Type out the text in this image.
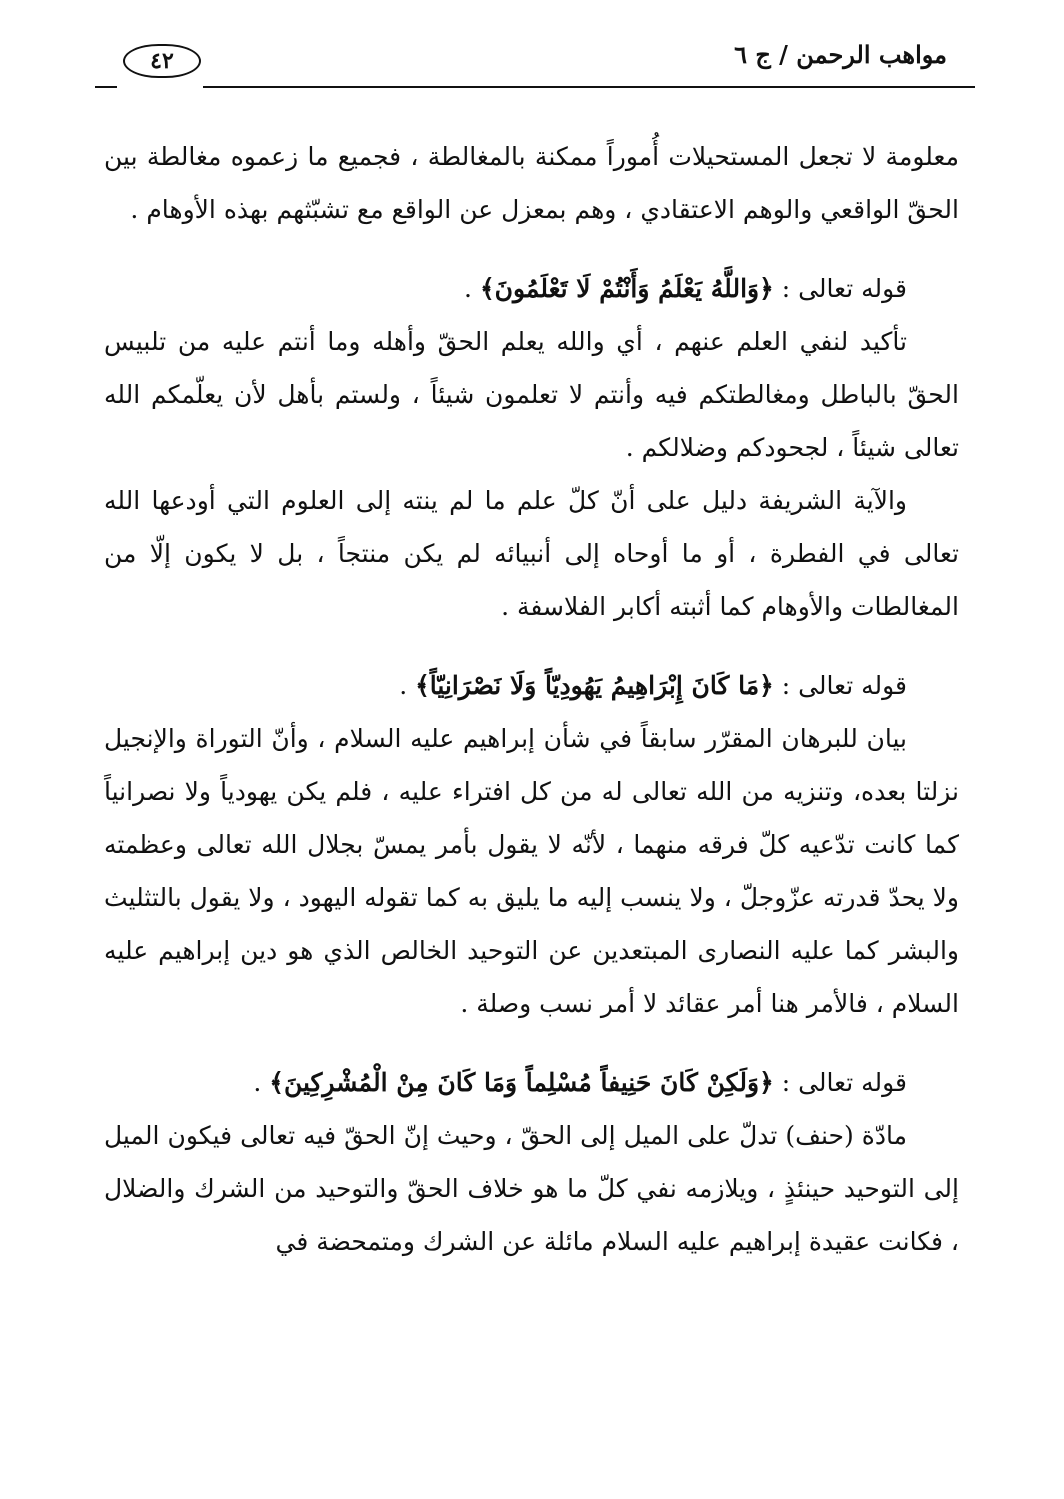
٤٢	مواهب الرحمن / ج ٦

معلومة لا تجعل المستحيلات أُموراً ممكنة بالمغالطة ، فجميع ما زعموه مغالطة بين الحقّ الواقعي والوهم الاعتقادي ، وهم بمعزل عن الواقع مع تشبّثهم بهذه الأوهام .

قوله تعالى : ﴿وَاللَّهُ يَعْلَمُ وَأَنْتُمْ لَا تَعْلَمُونَ﴾ .

تأكيد لنفي العلم عنهم ، أي والله يعلم الحقّ وأهله وما أنتم عليه من تلبيس الحقّ بالباطل ومغالطتكم فيه وأنتم لا تعلمون شيئاً ، ولستم بأهل لأن يعلّمكم الله تعالى شيئاً ، لجحودكم وضلالكم .

والآية الشريفة دليل على أنّ كلّ علم ما لم ينته إلى العلوم التي أودعها الله تعالى في الفطرة ، أو ما أوحاه إلى أنبيائه لم يكن منتجاً ، بل لا يكون إلّا من المغالطات والأوهام كما أثبته أكابر الفلاسفة .

قوله تعالى : ﴿مَا كَانَ إِبْرَاهِيمُ يَهُودِيّاً وَلَا نَصْرَانِيّاً﴾ .

بيان للبرهان المقرّر سابقاً في شأن إبراهيم عليه السلام ، وأنّ التوراة والإنجيل نزلتا بعده، وتنزيه من الله تعالى له من كل افتراء عليه ، فلم يكن يهودياً ولا نصرانياً كما كانت تدّعيه كلّ فرقه منهما ، لأنّه لا يقول بأمر يمسّ بجلال الله تعالى وعظمته ولا يحدّ قدرته عزّوجلّ ، ولا ينسب إليه ما يليق به كما تقوله اليهود ، ولا يقول بالتثليث والبشر كما عليه النصارى المبتعدين عن التوحيد الخالص الذي هو دين إبراهيم عليه السلام ، فالأمر هنا أمر عقائد لا أمر نسب وصلة .

قوله تعالى : ﴿وَلَكِنْ كَانَ حَنِيفاً مُسْلِماً وَمَا كَانَ مِنْ الْمُشْرِكِينَ﴾ .

مادّة (حنف) تدلّ على الميل إلى الحقّ ، وحيث إنّ الحقّ فيه تعالى فيكون الميل إلى التوحيد حينئذٍ ، ويلازمه نفي كلّ ما هو خلاف الحقّ والتوحيد من الشرك والضلال ، فكانت عقيدة إبراهيم عليه السلام مائلة عن الشرك ومتمحضة في
